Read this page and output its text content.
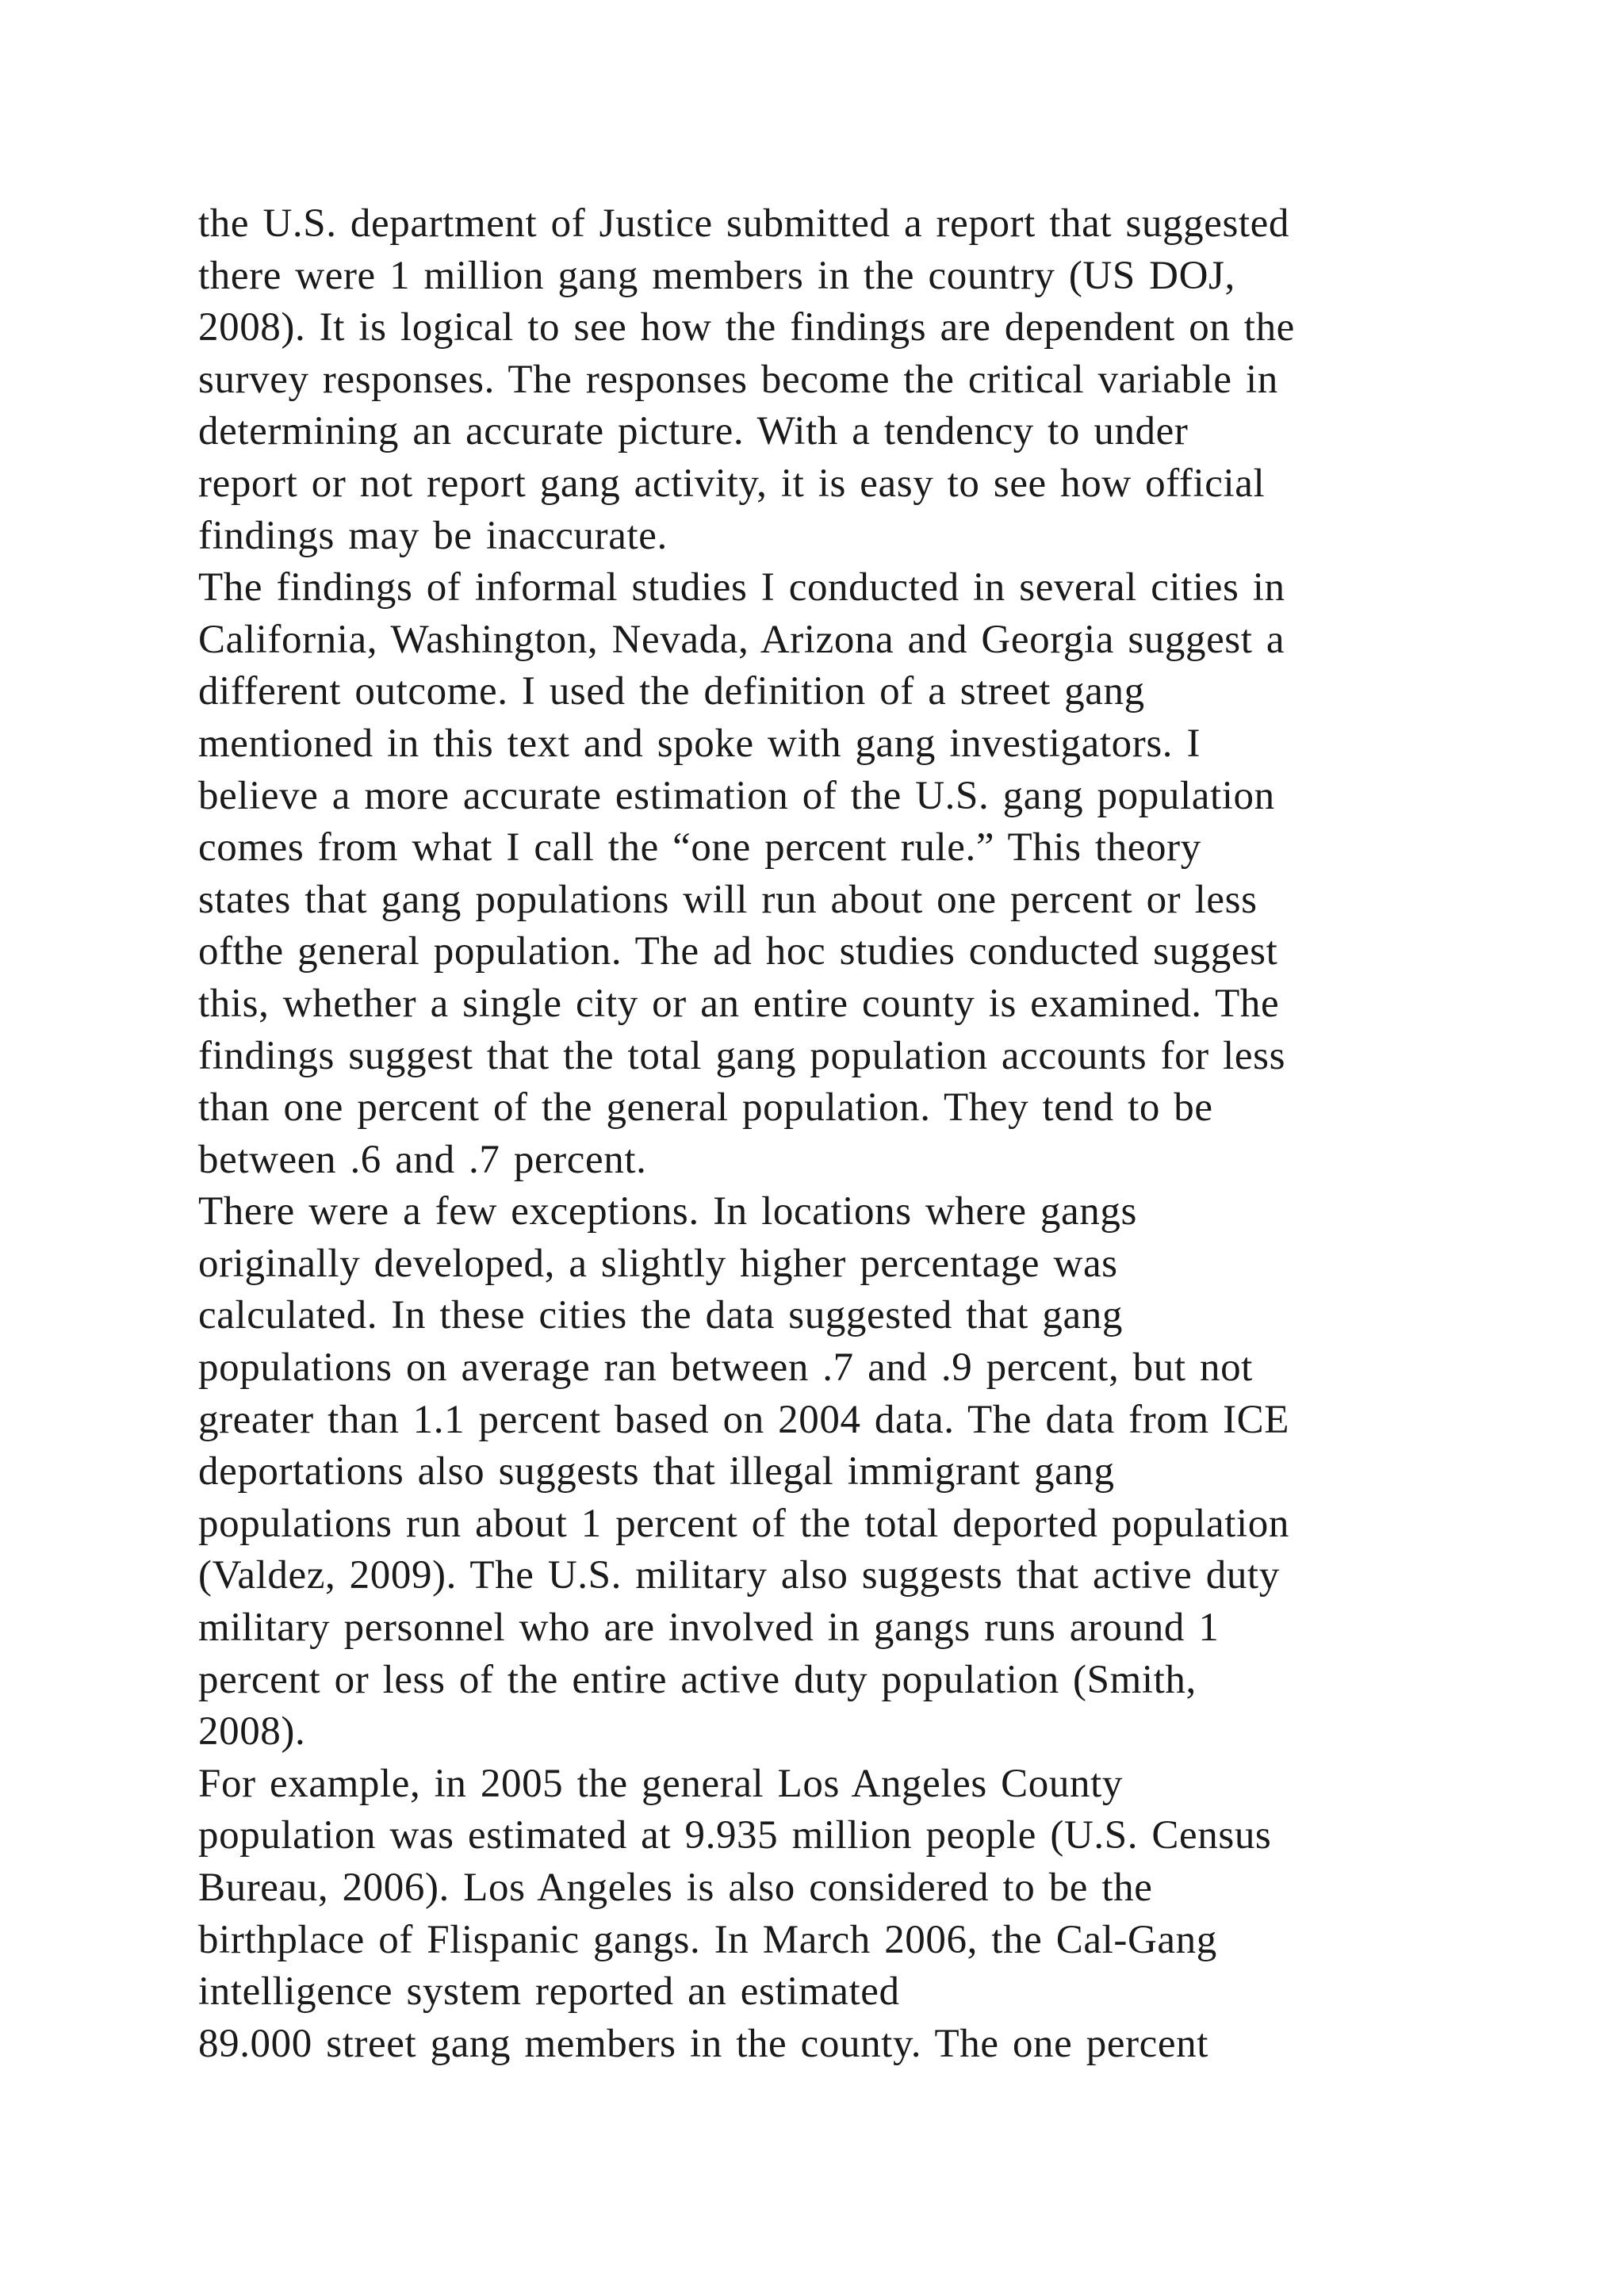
the U.S. department of Justice submitted a report that suggested
there were 1 million gang members in the country (US DOJ,
2008). It is logical to see how the findings are dependent on the
survey responses. The responses become the critical variable in
determining an accurate picture. With a tendency to under
report or not report gang activity, it is easy to see how official
findings may be inaccurate.
The findings of informal studies I conducted in several cities in
California, Washington, Nevada, Arizona and Georgia suggest a
different outcome. I used the definition of a street gang
mentioned in this text and spoke with gang investigators. I
believe a more accurate estimation of the U.S. gang population
comes from what I call the “one percent rule.” This theory
states that gang populations will run about one percent or less
ofthe general population. The ad hoc studies conducted suggest
this, whether a single city or an entire county is examined. The
findings suggest that the total gang population accounts for less
than one percent of the general population. They tend to be
between .6 and .7 percent.
There were a few exceptions. In locations where gangs
originally developed, a slightly higher percentage was
calculated. In these cities the data suggested that gang
populations on average ran between .7 and .9 percent, but not
greater than 1.1 percent based on 2004 data. The data from ICE
deportations also suggests that illegal immigrant gang
populations run about 1 percent of the total deported population
(Valdez, 2009). The U.S. military also suggests that active duty
military personnel who are involved in gangs runs around 1
percent or less of the entire active duty population (Smith,
2008).
For example, in 2005 the general Los Angeles County
population was estimated at 9.935 million people (U.S. Census
Bureau, 2006). Los Angeles is also considered to be the
birthplace of Flispanic gangs. In March 2006, the Cal-Gang
intelligence system reported an estimated
89.000 street gang members in the county. The one percent
